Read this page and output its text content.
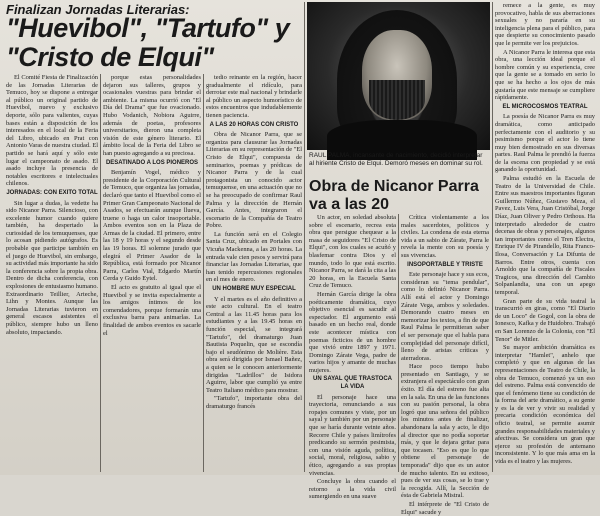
Finalizan Jornadas Literarias:
"Huevibol", "Tartufo" y "Cristo de Elqui"
RAUL PALMA, incansante de nacimiento, decidió interpretar al hiriente Cristo de Elqui. Demoró meses en dominar su rol.
Obra de Nicanor Parra va a las 20

El Comité Fiesta de Finalización de las Jornadas Literarias de Temuco, hoy se dispone a entregar al público un original partido de Huevibol, nuevo y exclusivo deporte, sólo para valientes, cuyas bases están a disposición de los interesados en el local de la Feria del Libro, ubicado en Prat con Antonio Varas de nuestra ciudad. El partido se hará aquí y sólo este lugar el campeonato de asado. El asado incluye la presencia de notables escritores e intelectuales chilenos.

JORNADAS: CON EXITO TOTAL

Sin lugar a dudas, la vedette ha sido Nicanor Parra. Silencioso, con excelente humor cuando quiere también, ha despertado la curiosidad de los temuquenses, que lo acosan pidiendo autógrafos. Es probable que participe también en el juego de Huevibol, sin embargo, su actividad más importante ha sido la conferencia sobre la propia obra. Dentro de dicha conferencia, con explosiones de entusiasmo humano. Extraordinario Teillier, Arteche, Lihn y Montes. Aunque las Jornadas Literarias tuvieron en general escasos asistentes el público, siempre hubo un lleno absoluto, impactando.

porque estas personalidades dejaron sus talleres, grupos y ocasionales vuestras para brindar el ambiente. La misma ocurrió con "El Día del Drama" que fue ovacionado. Hubo Vodanich, Nobiora Aguirre, además de poetas, profesores universitarios, dieron una completa visión de este género literario. El ámbito local de la Feria del Libro se han puesto agregando a su preciosa.

DESATINADO A LOS PIONEROS

Benjamín Vogel, médico y presidente de la Corporación Cultural de Temuco, que organiza las jornadas, declaró que tanto el Huevibol como el Primer Gran Campeonato Nacional de Asados, se efectuarán aunque llueva, truene o haga un calor insoportable. Ambos eventos son en la Plaza de Armas de la ciudad. El primero, entre las 18 y 19 horas y el segundo desde las 19 horas. El solemne jurado que elegirá el Primer Asador de la República, está formado por Nicanor Parra, Carlos Vial, Edgardo Martín Cerda y Guido Eytel.

El acto es gratuito al igual que el Huevibol y se invita especialmente a los amigos íntimos de los comendadores, porque formarán una exclusiva barra para animarlas. La finalidad de ambos eventos es sacarle el

tedio reinante en la región, hacer gradualmente el ridículo, para derrotar este mal nacional y brindarle al público un aspecto humorístico de estos encuentros que indudablemente tienen paciencia.

A LAS 20 HORAS CON CRISTO

Obra de Nicanor Parra, que se organiza para clausurar las Jornadas Literarias en su representación de "El Cristo de Elqui", compuesta de seminarios, poemas y prédicas de Nicanor Parra y de la cual protagonista un conocido actor temuquense, en una actuación que no se ha preocupado de confirmar Raul Palma y la dirección de Hernán García. Antes, integraron el escenario de la Compañía de Teatro Pobre.

La función será en el Colegio Santa Cruz, ubicado en Portales con Vicuña Mackenna, a las 20 horas. La entrada vale cien pesos y servirá para financiar las Jornadas Literarias, que han tenido repercusiones regionales en el mes de enero.

UN HOMBRE MUY ESPECIAL

Y el martes es el año definitivo a este acto cultural. En el teatro Central a las 11.45 horas para los estudiantes y a las 19.45 horas en función especial, se integrará "Tartufo", del dramaturgo Juan Bautista Poquelin, que se escondía bajo el seudónimo de Molière. Esta obra será dirigida por Ismael Bañez, a quien se le conocen anteriormente dirigidas "Ladrillos" de Isidora Aguirre, labor que cumplió ya entre Teatro Italiano médico para mostrar.

"Tartufo", importante obra del dramaturgo francés

Un actor, en soledad absoluta sobre el escenario, recrea esta obra que persigue chequear a la masa de seguidores "El Cristo de Elqui", con los cuales se acuñó y blasfemar contra Dios y el mundo, todo lo que está escrito. Nicanor Parra, se dará la cita a las 20 horas, en la Escuela Santa Cruz de Temuco.

Hernán García dirige la obra poéticamente dramática, cuyo objetivo esencial es sacudir al espectador. El argumento está basado en un hecho real, donde este acontecer mística con poemas ficticios de un hombre que vivió entre 1897 y 1971. Domingo Zárate Vega, padre de varios hijos y amante de muchas mujeres.

UN SAYAL QUE TRASTOCA LA VIDA

El personaje hace una trayectoria, renunciando a sus ropajes comunes y viste, por un sayal y también por un personaje que se haría durante veinte años. Recorre Chile y países limítrofes predicando su sermón pesimista, con una visión aguda, política, social, moral, religiosa, sabio y ético, agregando a sus propias vivencias.

Concluye la obra cuando el retorno a la vida civil sumergiendo en una suave

Crítica violentamente a los males sacerdotes, políticos y civiles. La condena de esta eterna vida a un sabio de Zárate, Parra le revela la mente con su poesía y sus vivencias.

INSOPORTABLE Y TRISTE

Este personaje hace y sus ecos, consideran su "tema pendular", como lo definió Nicanor Parra. Allí está el actor y Domingo Zárate Vega, ambos y soledades. Demorando cuatro meses en memorizar los textos, a fin de que Raul Palma le permitieran saber el ser personaje que el habla para complejidad del personaje difícil, lleno de aristas críticas y aterradoras.

Hace poco tiempo hubo presentado en Santiago, y se extranjera el espectáculo con gran éxito. El día del estreno fue alta en la sala. En una de las funciones con su pasión personal, la obra logró que una señora del público los minutos antes de finalizar, abandonara la sala y acto, le dijo al director que no podía soportar más, y que le dejara gritar para que tocasen. "Eso es que lo que obtiene el personaje de temporada" dijo que es un autor de mucho talento. En su exitoso, pues de ver sus cosas, se lo trae y la recogida. Allí, la Sección de ésta de Gabriela Mistral.

El intérprete de "El Cristo de Elqui" sacude y

remece a la gente, es muy provocativo, habla de sus aberraciones sexuales y no pararía en su inteligencia plena para el público, para que despierte su conocimiento pasado que le permite ver los prejuicios.

A Nicanor Parra le interesa que esta obra, una lección ideal porque el hombre común y su experiencia, cree que la gente se a tomado en serio lo que se ha hecho a los ojos de más gustaría que este mensaje se cumpliere rápidamente.

EL MICROCOSMOS TEATRAL

La poesía de Nicanor Parra es muy dramática, como anticipado perfectamente con el auditorio y su pesimismo porque el actor lo tiene muy bien demostrado en sus diversas partes. Raul Palma le prendió la fuerza de la escena con propiedad y se está ganando la oportunidad.

Palma estudió en la Escuela de Teatro de la Universidad de Chile. Entre sus maestros importantes figuran Guillermo Núñez, Gustavo Meza, el Pavez, Luis Vera, Juan Cristóbal, Jorge Díaz, Juan Oliver y Pedro Orthous. Ha interpretado alrededor de cuatro decenas de obras y personajes, algunos tan importantes como el Tren Electra, Enrique IV de Pirandello, Rita Franco-Ilosa, Conversación y La Difunta de Barros. Entre otros, cuenta con Arnoldo que la compañía de Fiscales Tragicos, una dirección del Cambio Solpanlandia, una con un apego temporal.

Gran parte de su vida teatral la transcurrió en giras, como "El Diario de un Loco" de Gogol, con la obra de Ionesco, Kafka y de Huidobro. Trabajó en San Lorenzo de la Colonia, con "El Tenor" de Mitler.

Su mayor ambición dramática es interpretar "Hamlet", anhelo que completó y que en algunas de las representaciones de Teatro de Chile, la obra de Temuco, comenzó ya un eso del estreno. Palma está convencido de que el fenómeno tiene su condición de la forma del arte dramático, a su gente y es la de ver y vivir su realidad y precaria condición económica del oficio teatral, se permite asumir grandes responsabilidades materiales y afectivas. Se considera un gran que ejerce su profesión de antemano inconsistente. Y lo que más ama en la vida es el teatro y las mujeres.
